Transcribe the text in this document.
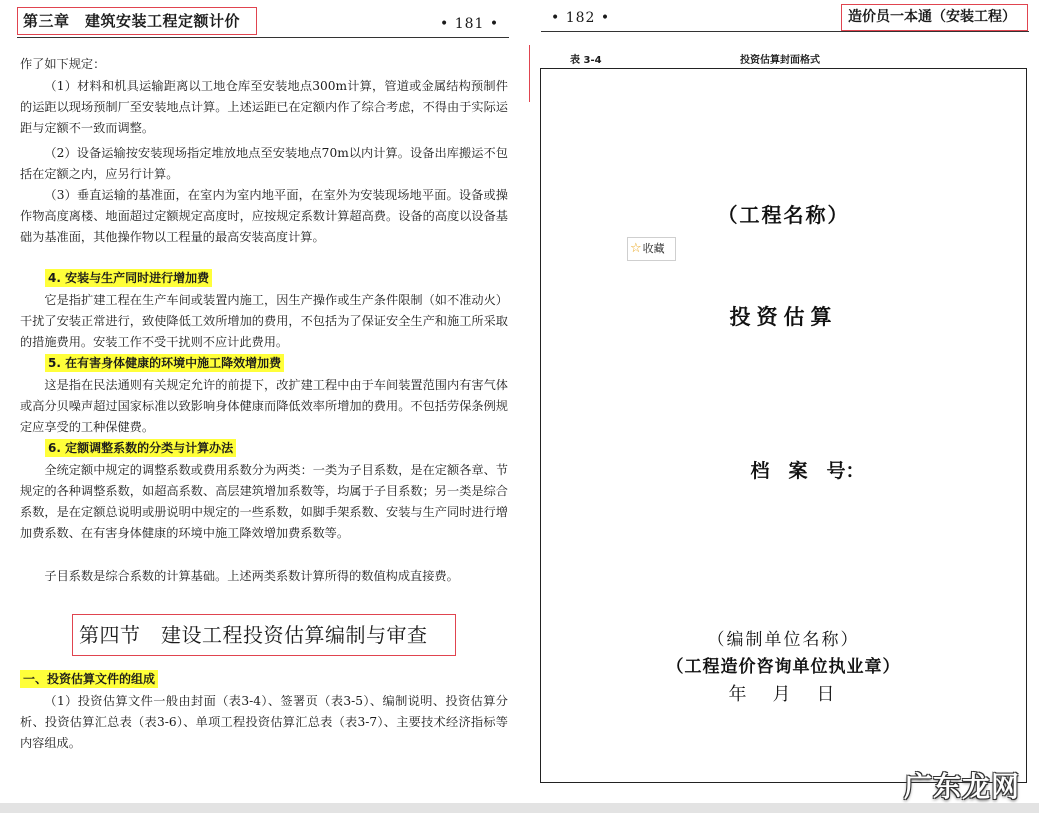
第三章　建筑安装工程定额计价	• 181 •
作了如下规定：
（1）材料和机具运输距离以工地仓库至安装地点300m计算，管道或金属结构预制件的运距以现场预制厂至安装地点计算。上述运距已在定额内作了综合考虑，不得由于实际运距与定额不一致而调整。
（2）设备运输按安装现场指定堆放地点至安装地点70m以内计算。设备出库搬运不包括在定额之内，应另行计算。
（3）垂直运输的基准面，在室内为室内地平面，在室外为安装现场地平面。设备或操作物高度离楼、地面超过定额规定高度时，应按规定系数计算超高费。设备的高度以设备基础为基准面，其他操作物以工程量的最高安装高度计算。
4. 安装与生产同时进行增加费
它是指扩建工程在生产车间或装置内施工，因生产操作或生产条件限制（如不准动火）干扰了安装正常进行，致使降低工效所增加的费用，不包括为了保证安全生产和施工所采取的措施费用。安装工作不受干扰则不应计此费用。
5. 在有害身体健康的环境中施工降效增加费
这是指在民法通则有关规定允许的前提下，改扩建工程中由于车间装置范围内有害气体或高分贝噪声超过国家标准以致影响身体健康而降低效率所增加的费用。不包括劳保条例规定应享受的工种保健费。
6. 定额调整系数的分类与计算办法
全统定额中规定的调整系数或费用系数分为两类：一类为子目系数，是在定额各章、节规定的各种调整系数，如超高系数、高层建筑增加系数等，均属于子目系数；另一类是综合系数，是在定额总说明或册说明中规定的一些系数，如脚手架系数、安装与生产同时进行增加费系数、在有害身体健康的环境中施工降效增加费系数等。
子目系数是综合系数的计算基础。上述两类系数计算所得的数值构成直接费。
第四节　建设工程投资估算编制与审查
一、投资估算文件的组成
（1）投资估算文件一般由封面（表3-4）、签署页（表3-5）、编制说明、投资估算分析、投资估算汇总表（表3-6）、单项工程投资估算汇总表（表3-7）、主要技术经济指标等内容组成。
• 182 •	造价员一本通（安装工程）
表 3-4	投资估算封面格式
（工程名称）
投资估算
档　案　号：
（编制单位名称）
（工程造价咨询单位执业章）
年　月　日
☆收藏
广东龙网
